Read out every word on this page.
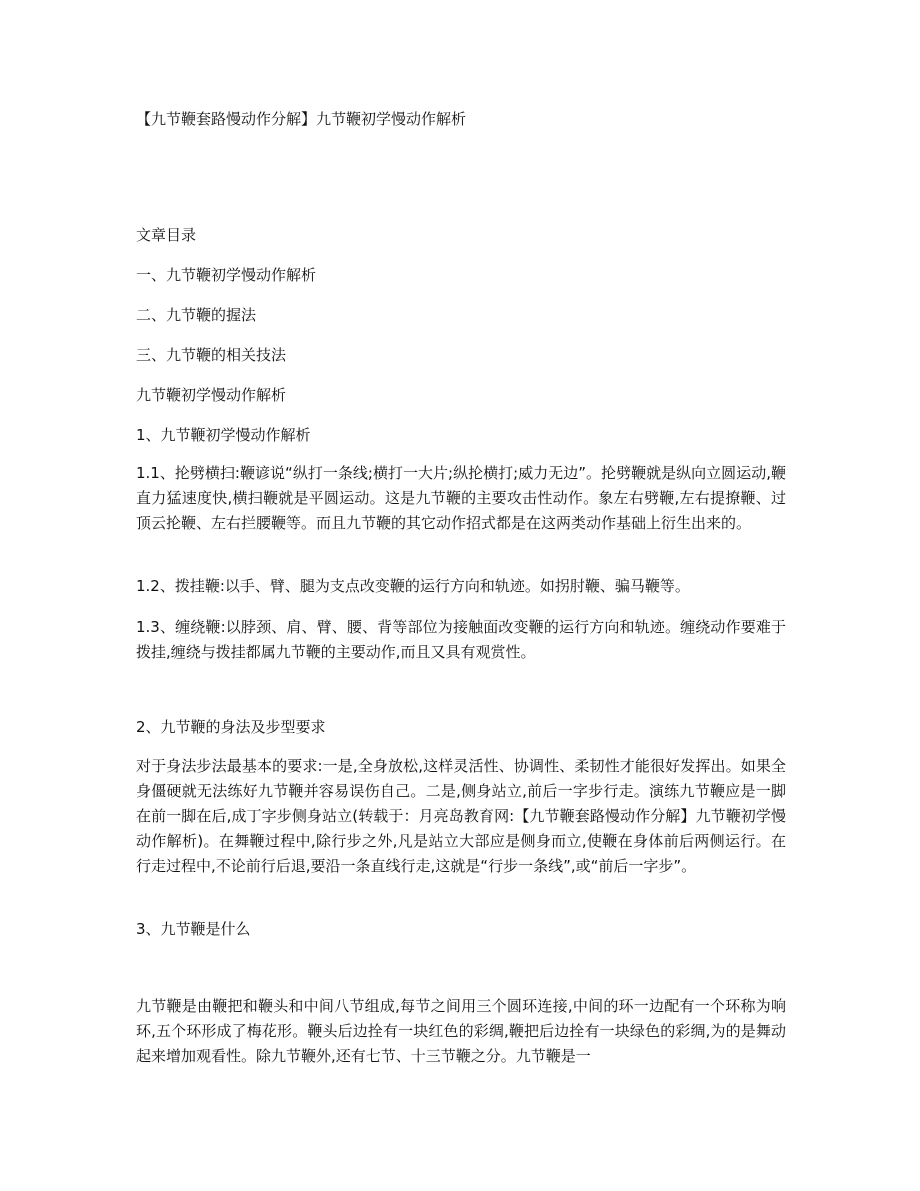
【九节鞭套路慢动作分解】九节鞭初学慢动作解析

文章目录

一、九节鞭初学慢动作解析

二、九节鞭的握法

三、九节鞭的相关技法

九节鞭初学慢动作解析
1、九节鞭初学慢动作解析

1.1、抡劈横扫:鞭谚说“纵打一条线;横打一大片;纵抡横打;威力无边”。抡劈鞭就是纵向立圆运动,鞭直力猛速度快,横扫鞭就是平圆运动。这是九节鞭的主要攻击性动作。象左右劈鞭,左右提撩鞭、过顶云抡鞭、左右拦腰鞭等。而且九节鞭的其它动作招式都是在这两类动作基础上衍生出来的。

1.2、拨挂鞭:以手、臂、腿为支点改变鞭的运行方向和轨迹。如拐肘鞭、骗马鞭等。

1.3、缠绕鞭:以脖颈、肩、臂、腰、背等部位为接触面改变鞭的运行方向和轨迹。缠绕动作要难于拨挂,缠绕与拨挂都属九节鞭的主要动作,而且又具有观赏性。

2、九节鞭的身法及步型要求

对于身法步法最基本的要求:一是,全身放松,这样灵活性、协调性、柔韧性才能很好发挥出。如果全身僵硬就无法练好九节鞭并容易误伤自己。二是,侧身站立,前后一字步行走。演练九节鞭应是一脚在前一脚在后,成丁字步侧身站立(转载于：月亮岛教育网:【九节鞭套路慢动作分解】九节鞭初学慢动作解析)。在舞鞭过程中,除行步之外,凡是站立大部应是侧身而立,使鞭在身体前后两侧运行。在行走过程中,不论前行后退,要沿一条直线行走,这就是“行步一条线”,或“前后一字步”。

3、九节鞭是什么

九节鞭是由鞭把和鞭头和中间八节组成,每节之间用三个圆环连接,中间的环一边配有一个环称为响环,五个环形成了梅花形。鞭头后边拴有一块红色的彩绸,鞭把后边拴有一块绿色的彩绸,为的是舞动起来增加观看性。除九节鞭外,还有七节、十三节鞭之分。九节鞭是一
